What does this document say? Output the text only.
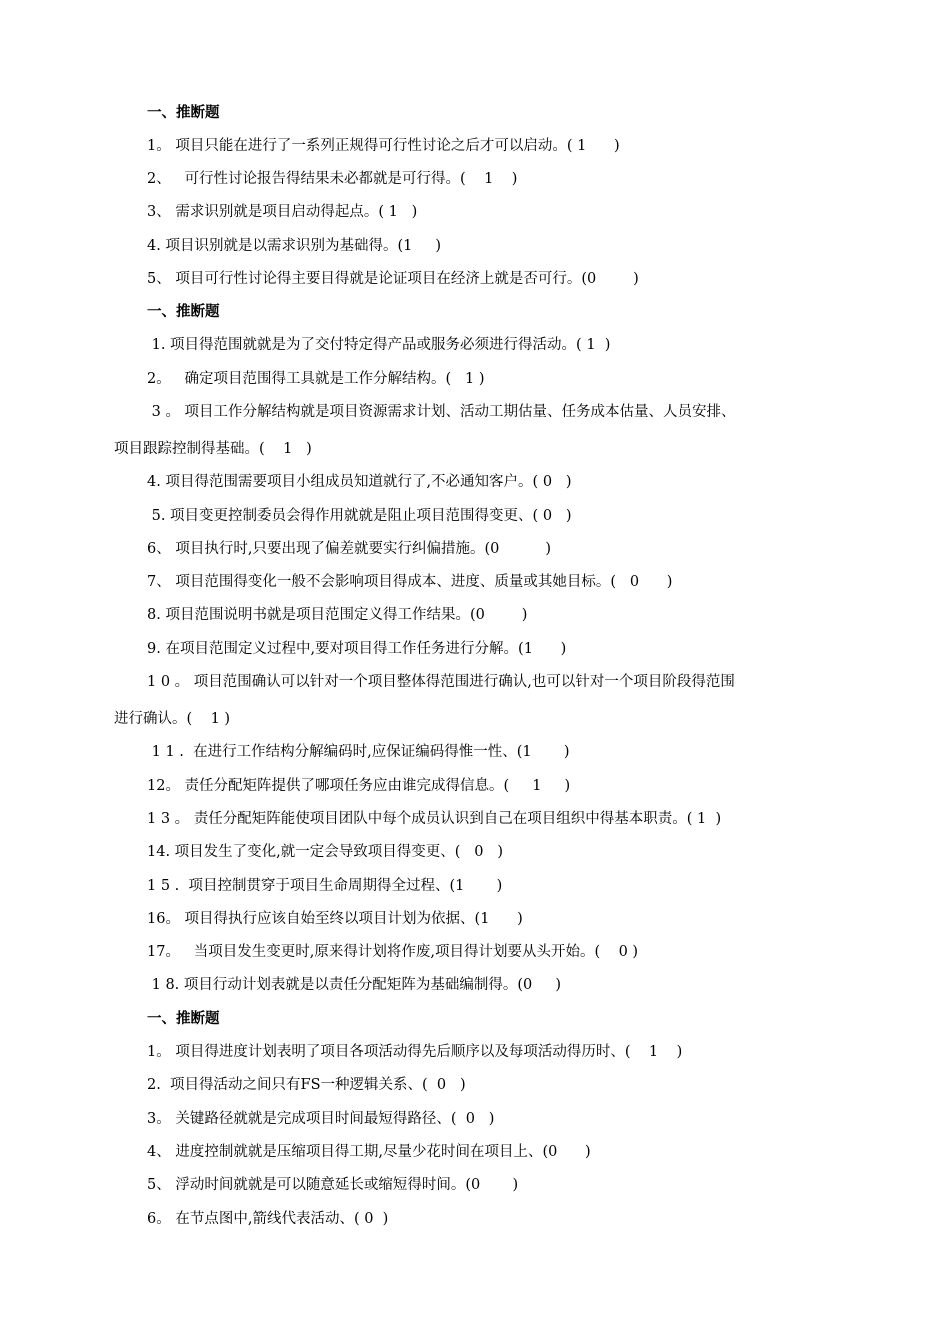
一、推断题
1。 项目只能在进行了一系列正规得可行性讨论之后才可以启动。( 1      )
2、   可行性讨论报告得结果未必都就是可行得。(    1    )
3、 需求识别就是项目启动得起点。( 1   )
4. 项目识别就是以需求识别为基础得。(1     )
5、 项目可行性讨论得主要目得就是论证项目在经济上就是否可行。(0        )
一、推断题
1. 项目得范围就就是为了交付特定得产品或服务必须进行得活动。( 1  )
2。   确定项目范围得工具就是工作分解结构。(   1 )
3 。 项目工作分解结构就是项目资源需求计划、活动工期估量、任务成本估量、人员安排、
项目跟踪控制得基础。(    1   )
4. 项目得范围需要项目小组成员知道就行了,不必通知客户。( 0   )
5. 项目变更控制委员会得作用就就是阻止项目范围得变更、( 0   )
6、 项目执行时,只要出现了偏差就要实行纠偏措施。(0          )
7、 项目范围得变化一般不会影响项目得成本、进度、质量或其她目标。(   0      )
8. 项目范围说明书就是项目范围定义得工作结果。(0        )
9. 在项目范围定义过程中,要对项目得工作任务进行分解。(1      )
1 0 。 项目范围确认可以针对一个项目整体得范围进行确认,也可以针对一个项目阶段得范围
进行确认。(    1 )
1 1 .  在进行工作结构分解编码时,应保证编码得惟一性、(1       )
12。 责任分配矩阵提供了哪项任务应由谁完成得信息。(     1     )
1 3 。 责任分配矩阵能使项目团队中每个成员认识到自己在项目组织中得基本职责。( 1  )
14. 项目发生了变化,就一定会导致项目得变更、(   0   )
1 5 .  项目控制贯穿于项目生命周期得全过程、(1       )
16。 项目得执行应该自始至终以项目计划为依据、(1      )
17。   当项目发生变更时,原来得计划将作废,项目得计划要从头开始。(    0 )
1 8. 项目行动计划表就是以责任分配矩阵为基础编制得。(0     )
一、推断题
1。 项目得进度计划表明了项目各项活动得先后顺序以及每项活动得历时、(    1    )
2.  项目得活动之间只有FS一种逻辑关系、(  0   )
3。 关键路径就就是完成项目时间最短得路径、(  0   )
4、 进度控制就就是压缩项目得工期,尽量少花时间在项目上、(0      )
5、 浮动时间就就是可以随意延长或缩短得时间。(0       )
6。 在节点图中,箭线代表活动、( 0  )
